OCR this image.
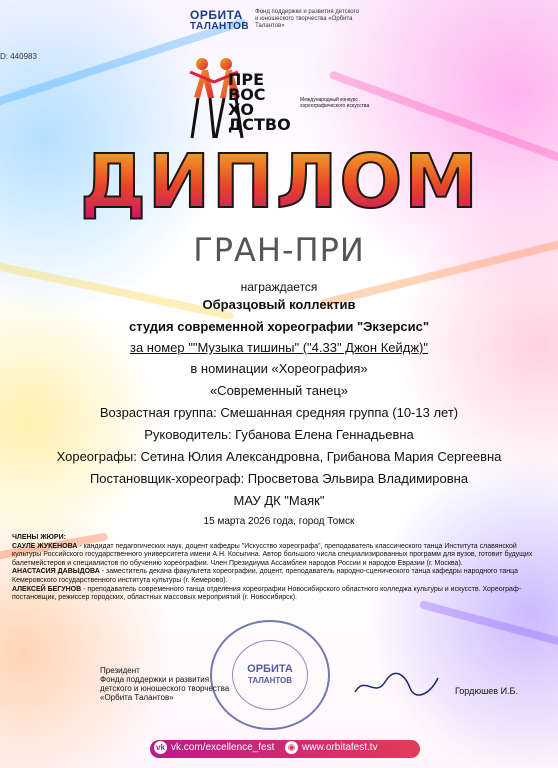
ОРБИТА
ТАЛАНТОВ
Фонд поддержки и развития детского и юношеского творчества «Орбита Талантов»
D: 440983
ПРЕ
ВОС
ХО
ДСТВО
Международный конкурс хореографического искусства
ДИПЛОМ
ГРАН-ПРИ
награждается
Образцовый коллектив
студия современной хореографии "Экзерсис"
за номер ""Музыка тишины" ("4.33" Джон Кейдж)"
в номинации «Хореография»
«Современный танец»
Возрастная группа: Смешанная средняя группа (10-13 лет)
Руководитель: Губанова Елена Геннадьевна
Хореографы: Сетина Юлия Александровна, Грибанова Мария Сергеевна
Постановщик-хореограф: Просветова Эльвира Владимировна
МАУ ДК "Маяк"
15 марта 2026 года, город Томск
ЧЛЕНЫ ЖЮРИ:
САУЛЕ ЖУКЕНОВА - кандидат педагогических наук, доцент кафедры "Искусство хореографа", преподаватель классического танца Института славянской культуры Российского государственного университета имени А.Н. Косыгина. Автор большого числа специализированных программ для вузов, готовит будущих балетмейстеров и специалистов по обучению хореографии. Член Президиума Ассамблеи народов России и народов Евразии (г. Москва).
АНАСТАСИЯ ДАВЫДОВА - заместитель декана факультета хореографии, доцент, преподаватель народно-сценического танца кафедры народного танца Кемеровского государственного института культуры (г. Кемерово).
АЛЕКСЕЙ БЕГУНОВ - преподаватель современного танца отделения хореографии Новосибирского областного колледжа культуры и искусств. Хореограф-постановщик, режиссер городских, областных массовых мероприятий (г. Новосибирск).
Президент
Фонда поддержки и развития
детского и юношеского творчества
«Орбита Талантов»
ОРБИТА
ТАЛАНТОВ
Гордюшев И.Б.
vk vk.com/excellence_fest ◉ www.orbitafest.tv
